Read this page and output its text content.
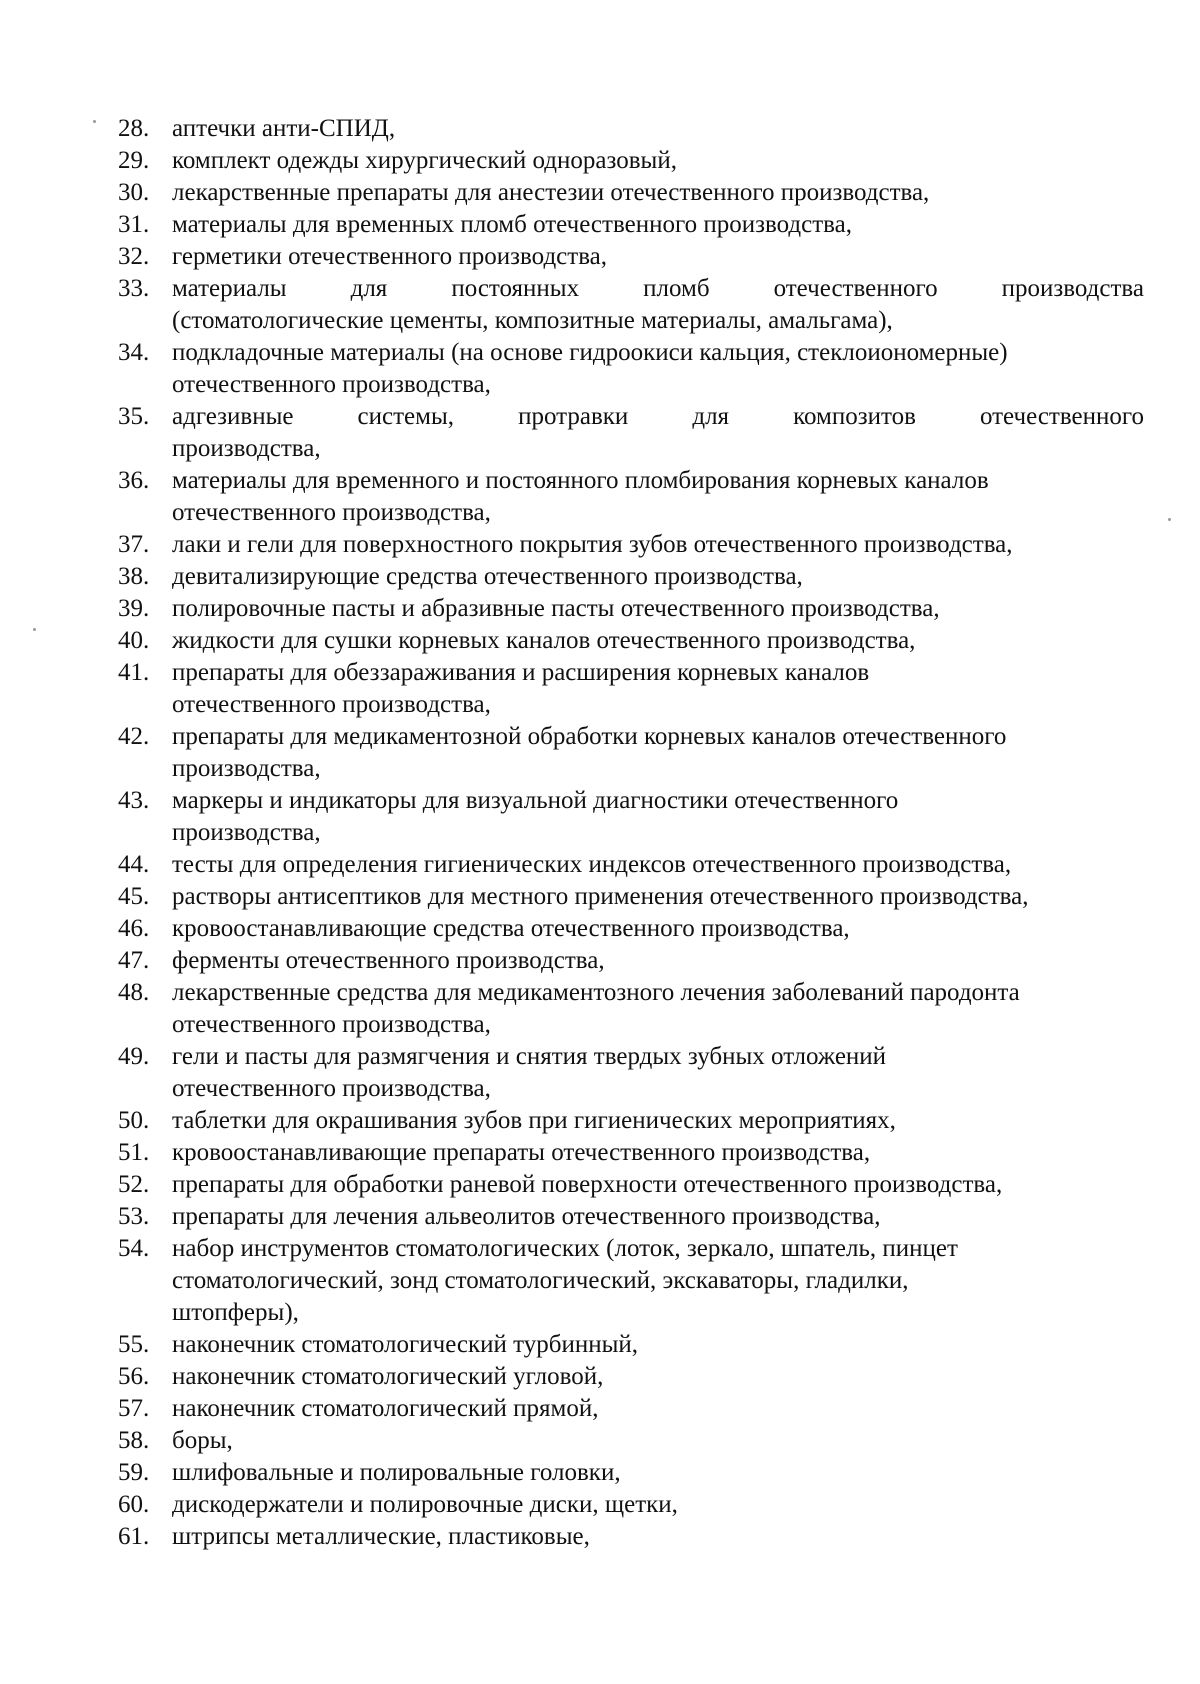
28. аптечки анти-СПИД,
29. комплект одежды хирургический одноразовый,
30. лекарственные препараты для анестезии отечественного производства,
31. материалы для временных пломб отечественного производства,
32. герметики отечественного производства,
33. материалы для постоянных пломб отечественного производства
(стоматологические цементы, композитные материалы, амальгама),
34. подкладочные материалы (на основе гидроокиси кальция, стеклоиономерные)
отечественного производства,
35. адгезивные системы, протравки для композитов отечественного
производства,
36. материалы для временного и постоянного пломбирования корневых каналов
отечественного производства,
37. лаки и гели для поверхностного покрытия зубов отечественного производства,
38. девитализирующие средства отечественного производства,
39. полировочные пасты и абразивные пасты отечественного производства,
40. жидкости для сушки корневых каналов отечественного производства,
41. препараты для обеззараживания и расширения корневых каналов
отечественного производства,
42. препараты для медикаментозной обработки корневых каналов отечественного
производства,
43. маркеры и индикаторы для визуальной диагностики отечественного
производства,
44. тесты для определения гигиенических индексов отечественного производства,
45. растворы антисептиков для местного применения отечественного производства,
46. кровоостанавливающие средства отечественного производства,
47. ферменты отечественного производства,
48. лекарственные средства для медикаментозного лечения заболеваний пародонта
отечественного производства,
49. гели и пасты для размягчения и снятия твердых зубных отложений
отечественного производства,
50. таблетки для окрашивания зубов при гигиенических мероприятиях,
51. кровоостанавливающие препараты отечественного производства,
52. препараты для обработки раневой поверхности отечественного производства,
53. препараты для лечения альвеолитов отечественного производства,
54. набор инструментов стоматологических (лоток, зеркало, шпатель, пинцет
стоматологический, зонд стоматологический, экскаваторы, гладилки,
штопферы),
55. наконечник стоматологический турбинный,
56. наконечник стоматологический угловой,
57. наконечник стоматологический прямой,
58. боры,
59. шлифовальные и полировальные головки,
60. дискодержатели и полировочные диски, щетки,
61. штрипсы металлические, пластиковые,
